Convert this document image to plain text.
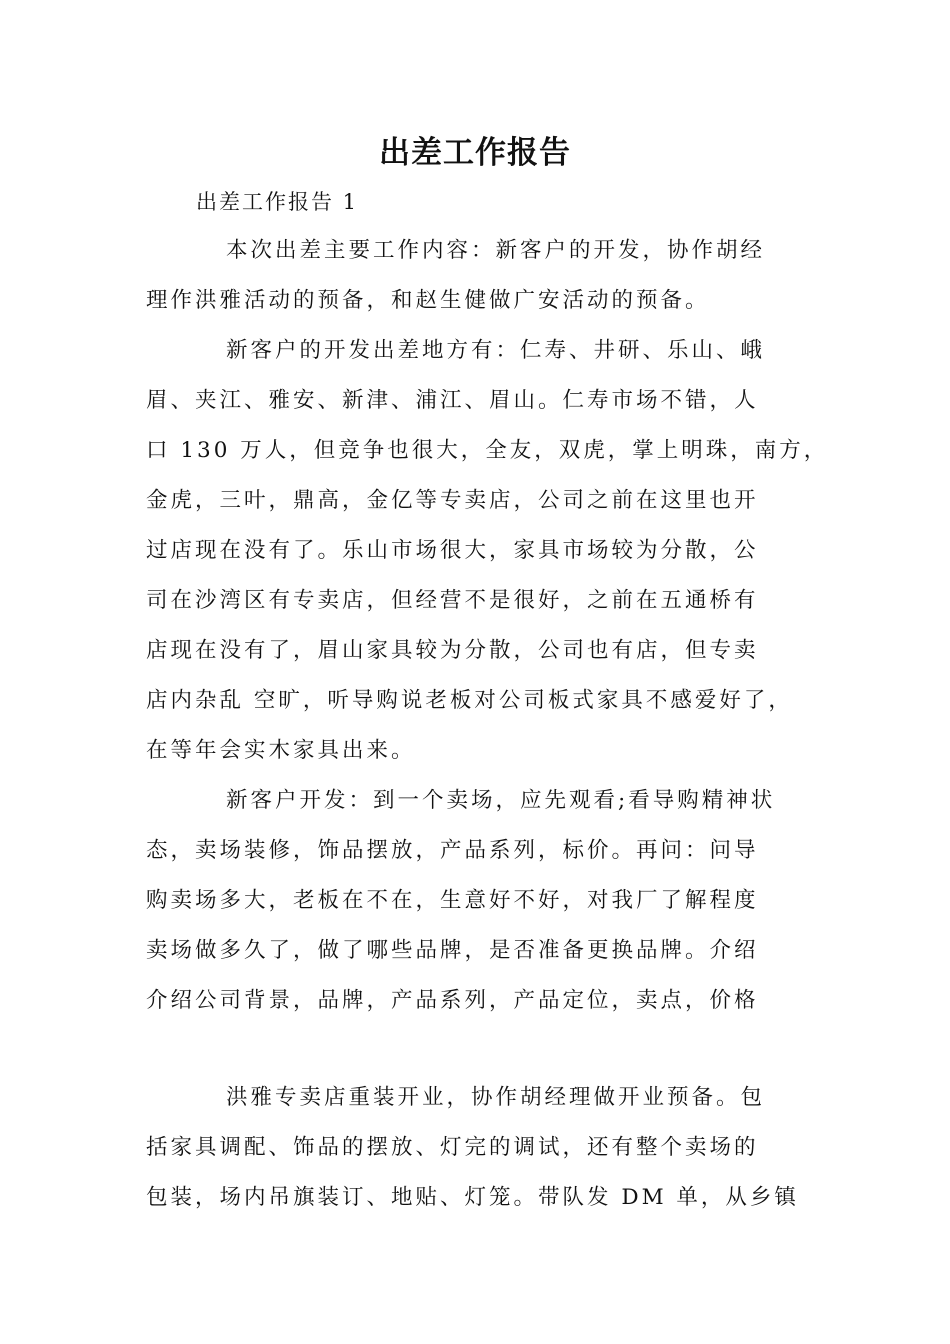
出差工作报告
出差工作报告 1
本次出差主要工作内容：新客户的开发，协作胡经
理作洪雅活动的预备，和赵生健做广安活动的预备。
新客户的开发出差地方有：仁寿、井研、乐山、峨
眉、夹江、雅安、新津、浦江、眉山。仁寿市场不错，人
口 130 万人，但竞争也很大，全友，双虎，掌上明珠，南方，
金虎，三叶，鼎高，金亿等专卖店，公司之前在这里也开
过店现在没有了。乐山市场很大，家具市场较为分散，公
司在沙湾区有专卖店，但经营不是很好，之前在五通桥有
店现在没有了，眉山家具较为分散，公司也有店，但专卖
店内杂乱 空旷，听导购说老板对公司板式家具不感爱好了，
在等年会实木家具出来。
新客户开发：到一个卖场，应先观看;看导购精神状
态，卖场装修，饰品摆放，产品系列，标价。再问：问导
购卖场多大，老板在不在，生意好不好，对我厂了解程度
卖场做多久了，做了哪些品牌，是否准备更换品牌。介绍
介绍公司背景，品牌，产品系列，产品定位，卖点，价格
洪雅专卖店重装开业，协作胡经理做开业预备。包
括家具调配、饰品的摆放、灯完的调试，还有整个卖场的
包装，场内吊旗装订、地贴、灯笼。带队发 DM 单，从乡镇
